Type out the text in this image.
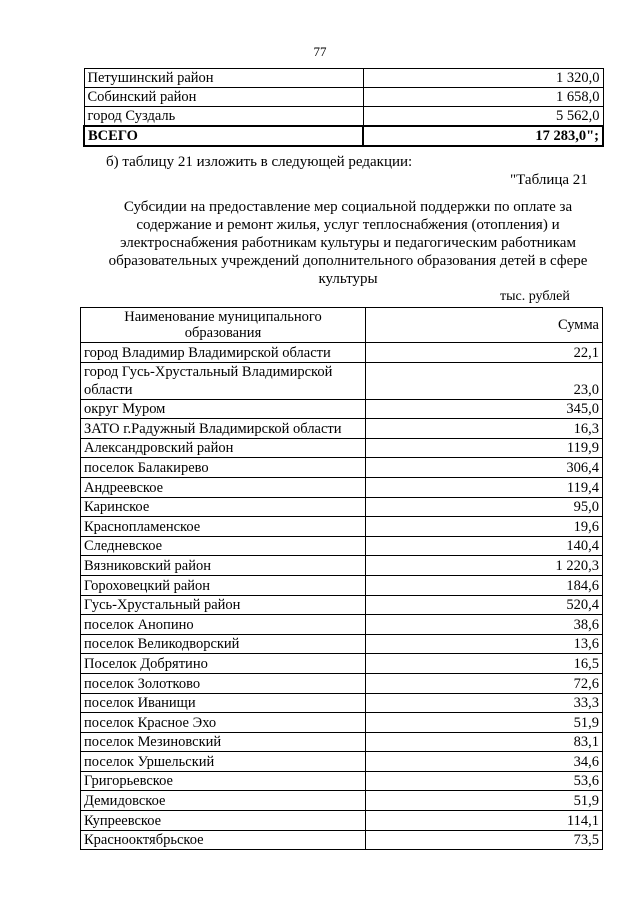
77
Петушинский район	1 320,0
Собинский район	1 658,0
город Суздаль	5 562,0
ВСЕГО	17 283,0";
б) таблицу 21 изложить в следующей редакции:
"Таблица 21
Субсидии на предоставление мер социальной поддержки по оплате за
содержание и ремонт жилья, услуг теплоснабжения (отопления) и
электроснабжения работникам культуры и педагогическим работникам
образовательных учреждений дополнительного образования детей в сфере
культуры
тыс. рублей
Наименование муниципального
образования	Сумма

город Владимир Владимирской области	22,1

город Гусь-Хрустальный Владимирской
области	23,0

округ Муром	345,0

ЗАТО г.Радужный Владимирской области	16,3

Александровский район	119,9

поселок Балакирево	306,4

Андреевское	119,4

Каринское	95,0

Краснопламенское	19,6

Следневское	140,4

Вязниковский район	1 220,3

Гороховецкий район	184,6

Гусь-Хрустальный район	520,4

поселок Анопино	38,6

поселок Великодворский	13,6

Поселок Добрятино	16,5

поселок Золотково	72,6

поселок Иванищи	33,3

поселок Красное Эхо	51,9

поселок Мезиновский	83,1

поселок Уршельский	34,6

Григорьевское	53,6

Демидовское	51,9

Купреевское	114,1

Краснооктябрьское	73,5
